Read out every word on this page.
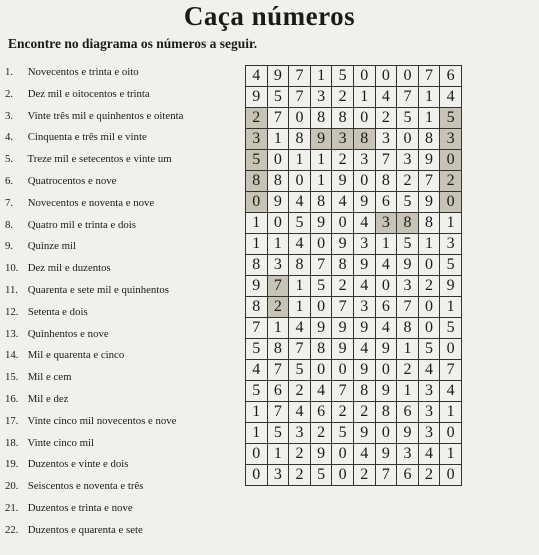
Caça números
Encontre no diagrama os números a seguir.
1. Novecentos e trinta e oito
2. Dez mil e oitocentos e trinta
3. Vinte três mil e quinhentos e oitenta
4. Cinquenta e três mil e vinte
5. Treze mil e setecentos e vinte um
6. Quatrocentos e nove
7. Novecentos e noventa e nove
8. Quatro mil e trinta e dois
9. Quinze mil
10. Dez mil e duzentos
11. Quarenta e sete mil e quinhentos
12. Setenta e dois
13. Quinhentos e nove
14. Mil e quarenta e cinco
15. Mil e cem
16. Mil e dez
17. Vinte cinco mil novecentos e nove
18. Vinte cinco mil
19. Duzentos e vinte e dois
20. Seiscentos e noventa e três
21. Duzentos e trinta e nove
22. Duzentos e quarenta e sete
4	9	7	1	5	0	0	0	7	6
9	5	7	3	2	1	4	7	1	4
2	7	0	8	8	0	2	5	1	5
3	1	8	9	3	8	3	0	8	3
5	0	1	1	2	3	7	3	9	0
8	8	0	1	9	0	8	2	7	2
0	9	4	8	4	9	6	5	9	0
1	0	5	9	0	4	3	8	8	1
1	1	4	0	9	3	1	5	1	3
8	3	8	7	8	9	4	9	0	5
9	7	1	5	2	4	0	3	2	9
8	2	1	0	7	3	6	7	0	1
7	1	4	9	9	9	4	8	0	5
5	8	7	8	9	4	9	1	5	0
4	7	5	0	0	9	0	2	4	7
5	6	2	4	7	8	9	1	3	4
1	7	4	6	2	2	8	6	3	1
1	5	3	2	5	9	0	9	3	0
0	1	2	9	0	4	9	3	4	1
0	3	2	5	0	2	7	6	2	0
